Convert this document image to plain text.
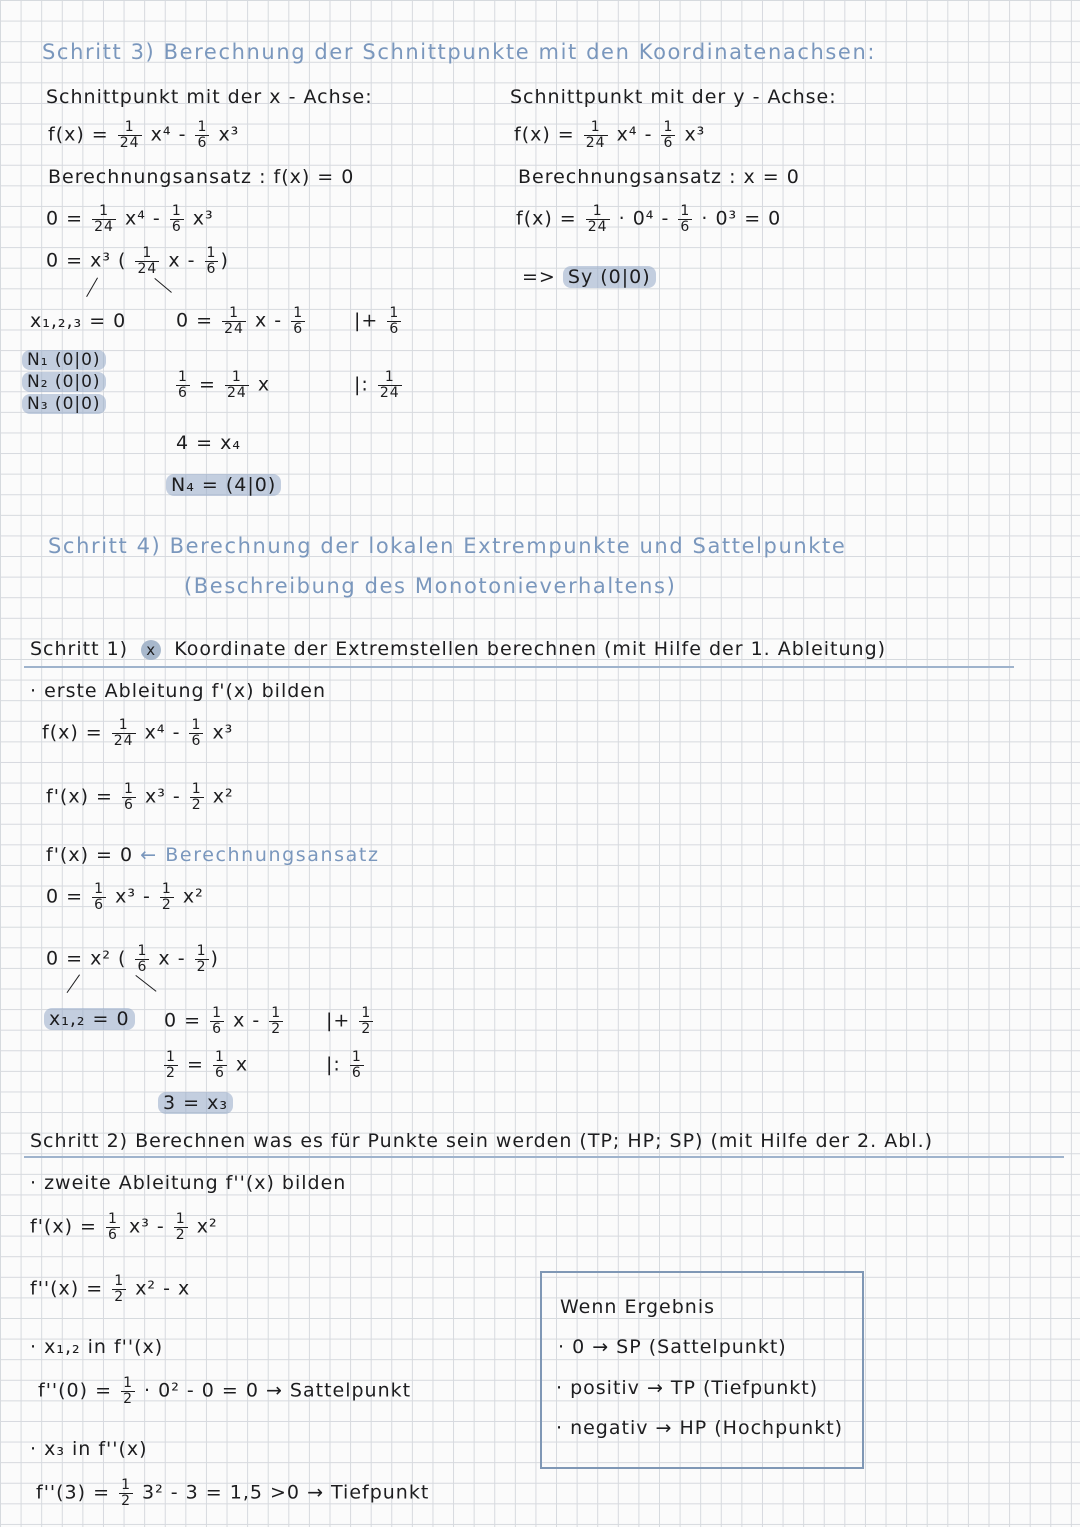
Schritt 3) Berechnung der Schnittpunkte mit den Koordinatenachsen:
Schnittpunkt mit der x - Achse:
$f(x) = \frac{1}{24} x^4 - \frac{1}{6} x^3$
Berechnungsansatz : f(x) = 0
$0 = \frac{1}{24} x^4 - \frac{1}{6} x^3$
0 = x³ ( $\frac{1}{24}$ x - $\frac{1}{6}$ )
x₁,₂,₃ = 0
N₁ (0|0)
N₂ (0|0)
N₃ (0|0)
$0 = \frac{1}{24}$ x - $\frac{1}{6}$	|+ $\frac{1}{6}$
$\frac{1}{6} = \frac{1}{24}$ x	|: $\frac{1}{24}$
4 = x₄
N₄ = (4|0)
Schnittpunkt mit der y - Achse:
$f(x) = \frac{1}{24} x^4 - \frac{1}{6} x^3$
Berechnungsansatz : x = 0
$f(x) = \frac{1}{24} \cdot 0^4 - \frac{1}{6} \cdot 0^3 = 0$
=> Sy (0|0)
Schritt 4) Berechnung der lokalen Extrempunkte und Sattelpunkte
(Beschreibung des Monotonieverhaltens)
Schritt 1) x Koordinate der Extremstellen berechnen (mit Hilfe der 1. Ableitung)
· erste Ableitung f'(x) bilden
$f(x) = \frac{1}{24} x^4 - \frac{1}{6} x^3$
$f'(x) = \frac{1}{6} x^3 - \frac{1}{2} x^2$
f'(x) = 0 ← Berechnungsansatz
$0 = \frac{1}{6} x^3 - \frac{1}{2} x^2$
0 = x² ( $\frac{1}{6}$ x - $\frac{1}{2}$ )
x₁,₂ = 0 $0 = \frac{1}{6}$ x - $\frac{1}{2}$ |+ $\frac{1}{2}$
$\frac{1}{2} = \frac{1}{6}$ x	|: $\frac{1}{6}$
3 = x₃
Schritt 2) Berechnen was es für Punkte sein werden (TP; HP; SP) (mit Hilfe der 2. Abl.)
· zweite Ableitung f''(x) bilden
$f'(x) = \frac{1}{6} x^3 - \frac{1}{2} x^2$
$f''(x) = \frac{1}{2} x^2 - x$
· x₁,₂ in f''(x)
$f''(0) = \frac{1}{2} \cdot 0^2 - 0 = 0$ → Sattelpunkt
· x₃ in f''(x)
$f''(3) = \frac{1}{2} 3^2 - 3 = 1,5 >0$ → Tiefpunkt
Wenn Ergebnis
· 0 → SP (Sattelpunkt)
· positiv → TP (Tiefpunkt)
· negativ → HP (Hochpunkt)
